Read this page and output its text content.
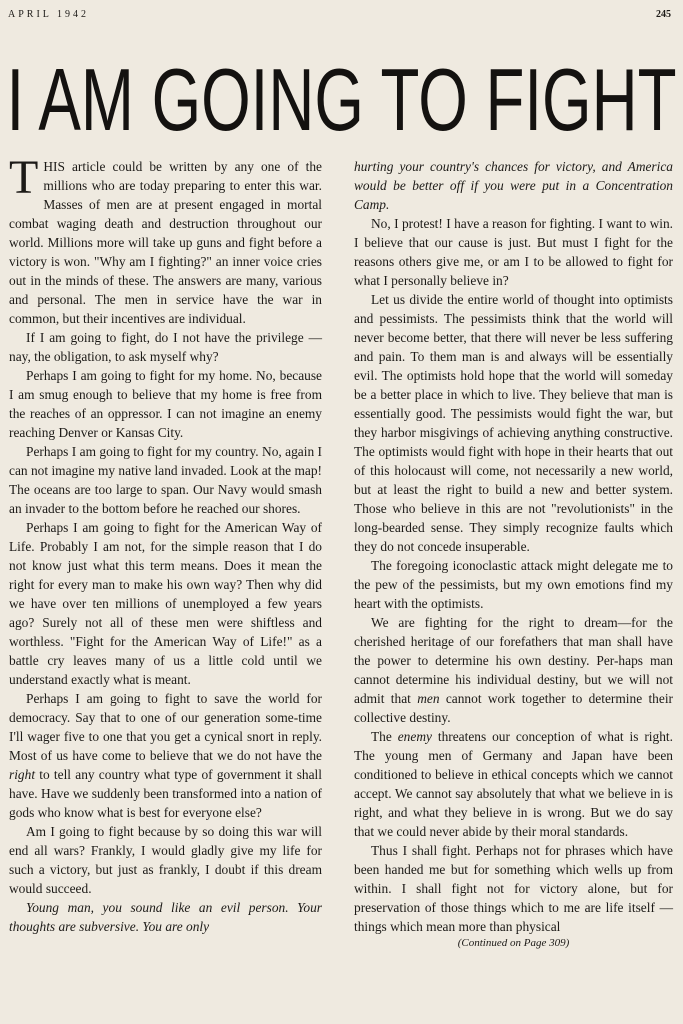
APRIL 1942	245
I AM GOING TO FIGHT

THIS article could be written by any one of the millions who are today preparing to enter this war. Masses of men are at present engaged in mortal combat waging death and destruction throughout our world. Millions more will take up guns and fight before a victory is won. "Why am I fighting?" an inner voice cries out in the minds of these. The answers are many, various and personal. The men in service have the war in common, but their incentives are individual.

If I am going to fight, do I not have the privilege —nay, the obligation, to ask myself why?

Perhaps I am going to fight for my home. No, because I am smug enough to believe that my home is free from the reaches of an oppressor. I can not imagine an enemy reaching Denver or Kansas City.

Perhaps I am going to fight for my country. No, again I can not imagine my native land invaded. Look at the map! The oceans are too large to span. Our Navy would smash an invader to the bottom before he reached our shores.

Perhaps I am going to fight for the American Way of Life. Probably I am not, for the simple reason that I do not know just what this term means. Does it mean the right for every man to make his own way? Then why did we have over ten millions of unemployed a few years ago? Surely not all of these men were shiftless and worthless. "Fight for the American Way of Life!" as a battle cry leaves many of us a little cold until we understand exactly what is meant.

Perhaps I am going to fight to save the world for democracy. Say that to one of our generation some-time I'll wager five to one that you get a cynical snort in reply. Most of us have come to believe that we do not have the right to tell any country what type of government it shall have. Have we suddenly been transformed into a nation of gods who know what is best for everyone else?

Am I going to fight because by so doing this war will end all wars? Frankly, I would gladly give my life for such a victory, but just as frankly, I doubt if this dream would succeed.

Young man, you sound like an evil person. Your thoughts are subversive. You are only

hurting your country's chances for victory, and America would be better off if you were put in a Concentration Camp.

No, I protest! I have a reason for fighting. I want to win. I believe that our cause is just. But must I fight for the reasons others give me, or am I to be allowed to fight for what I personally believe in?

Let us divide the entire world of thought into optimists and pessimists. The pessimists think that the world will never become better, that there will never be less suffering and pain. To them man is and always will be essentially evil. The optimists hold hope that the world will someday be a better place in which to live. They believe that man is essentially good. The pessimists would fight the war, but they harbor misgivings of achieving anything constructive. The optimists would fight with hope in their hearts that out of this holocaust will come, not necessarily a new world, but at least the right to build a new and better system. Those who believe in this are not "revolutionists" in the long-bearded sense. They simply recognize faults which they do not concede insuperable.

The foregoing iconoclastic attack might delegate me to the pew of the pessimists, but my own emotions find my heart with the optimists.

We are fighting for the right to dream—for the cherished heritage of our forefathers that man shall have the power to determine his own destiny. Per-haps man cannot determine his individual destiny, but we will not admit that men cannot work together to determine their collective destiny.

The enemy threatens our conception of what is right. The young men of Germany and Japan have been conditioned to believe in ethical concepts which we cannot accept. We cannot say absolutely that what we believe in is right, and what they believe in is wrong. But we do say that we could never abide by their moral standards.

Thus I shall fight. Perhaps not for phrases which have been handed me but for something which wells up from within. I shall fight not for victory alone, but for preservation of those things which to me are life itself — things which mean more than physical

(Continued on Page 309)
